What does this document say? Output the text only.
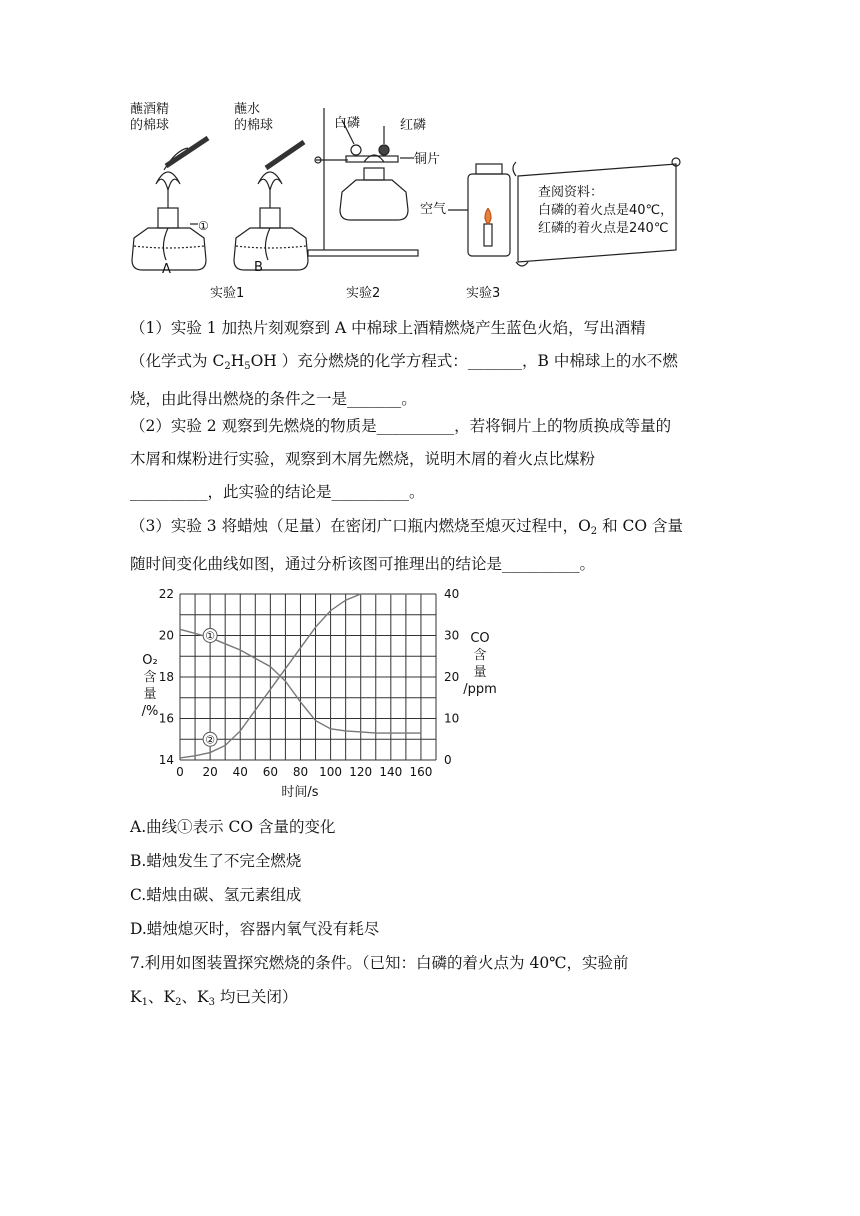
蘸酒精
的棉球
蘸水
的棉球
①
A	B
白磷	红磷
铜片
空气
查阅资料：
白磷的着火点是40℃，
红磷的着火点是240℃
实验1	实验2	实验3

（1）实验 1 加热片刻观察到 A 中棉球上酒精燃烧产生蓝色火焰，写出酒精

（化学式为 $C_2H_5OH$ ）充分燃烧的化学方程式：_______，B 中棉球上的水不燃

烧，由此得出燃烧的条件之一是_______。

（2）实验 2 观察到先燃烧的物质是__________，若将铜片上的物质换成等量的

木屑和煤粉进行实验，观察到木屑先燃烧，说明木屑的着火点比煤粉

__________，此实验的结论是__________。

（3）实验 3 将蜡烛（足量）在密闭广口瓶内燃烧至熄灭过程中，$O_2$ 和 CO 含量

随时间变化曲线如图，通过分析该图可推理出的结论是__________。

0 20 40 60 80 100 120 140 160
14
16
18
20
22
0
10
20
30
40
时间/s
O₂
含
量
/%
CO
含
量
/ppm
①
②
A.曲线①表示 CO 含量的变化
B.蜡烛发生了不完全燃烧
C.蜡烛由碳、氢元素组成
D.蜡烛熄灭时，容器内氧气没有耗尽
7.利用如图装置探究燃烧的条件。（已知：白磷的着火点为 40℃，实验前
$K_1$、$K_2$、$K_3$ 均已关闭）
